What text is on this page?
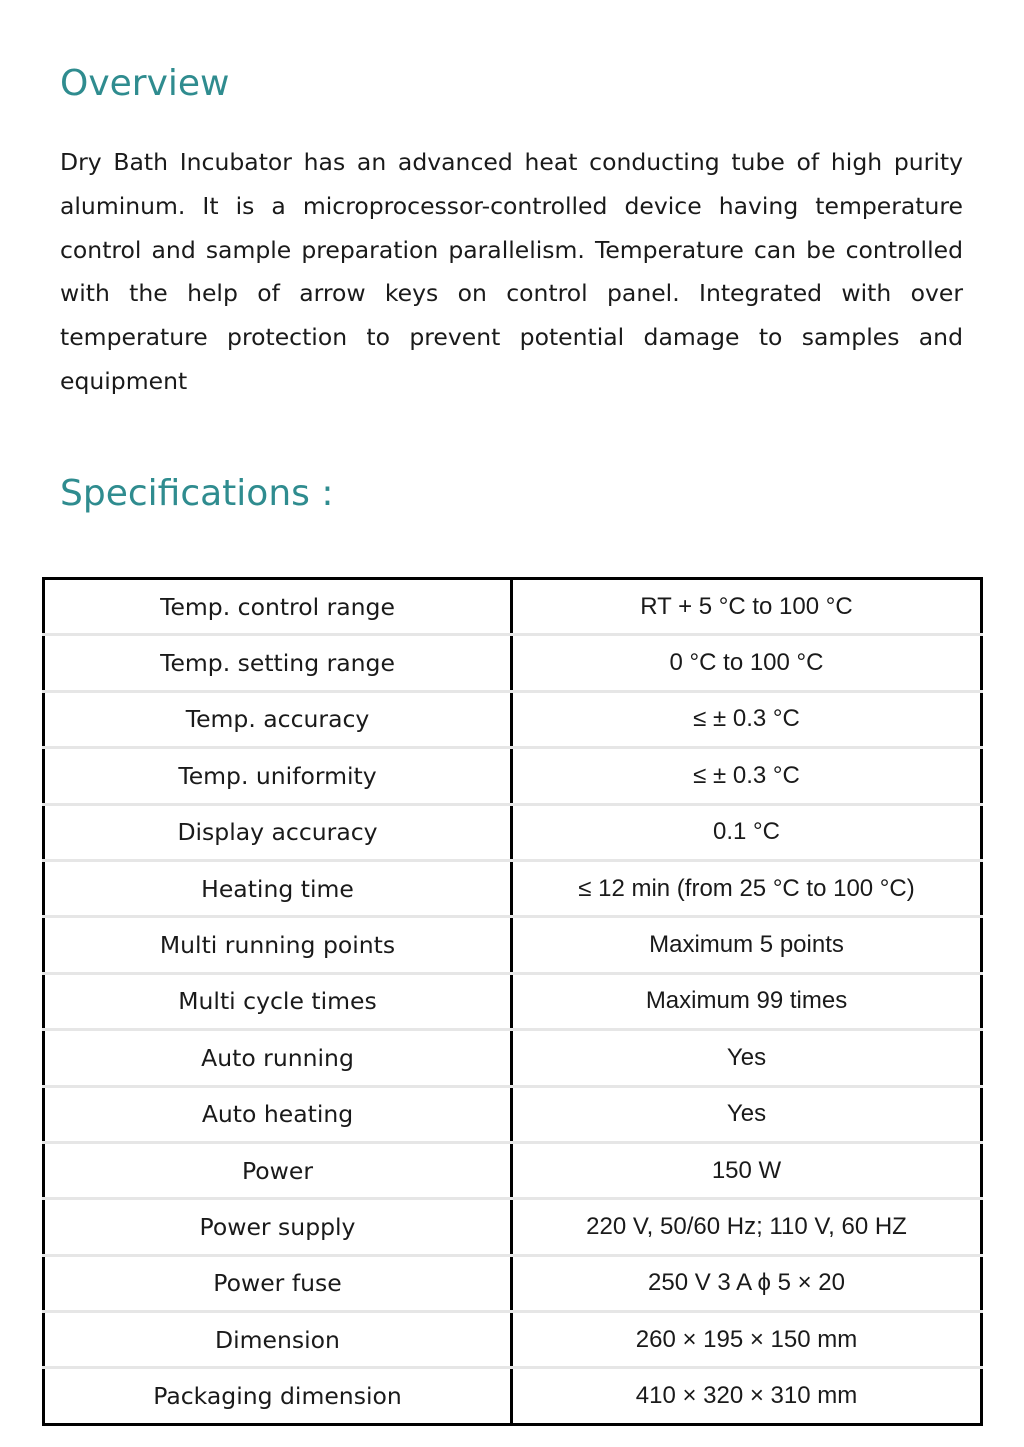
Overview

Dry Bath Incubator has an advanced heat conducting tube of high purity aluminum. It is a microprocessor-controlled device having temperature control and sample preparation parallelism. Temperature can be controlled with the help of arrow keys on control panel. Integrated with over temperature protection to prevent potential damage to samples and equipment

Specifications :
Temp. control range	RT + 5 °C to 100 °C
Temp. setting range	0 °C to 100 °C
Temp. accuracy	≤ ± 0.3 °C
Temp. uniformity	≤ ± 0.3 °C
Display accuracy	0.1 °C
Heating time	≤ 12 min (from 25 °C to 100 °C)
Multi running points	Maximum 5 points
Multi cycle times	Maximum 99 times
Auto running	Yes
Auto heating	Yes
Power	150 W
Power supply	220 V, 50/60 Hz; 110 V, 60 HZ
Power fuse	250 V 3 A ϕ 5 × 20
Dimension	260 × 195 × 150 mm
Packaging dimension	410 × 320 × 310 mm
